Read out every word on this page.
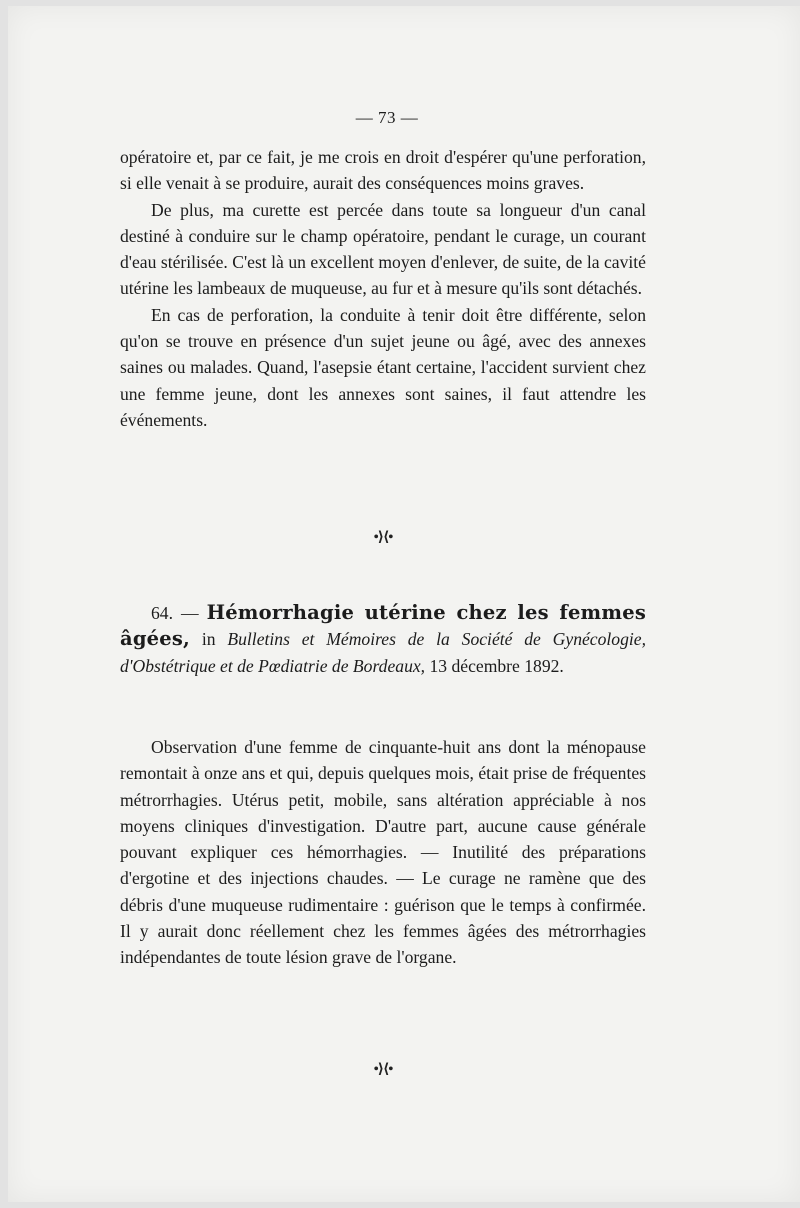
— 73 —

opératoire et, par ce fait, je me crois en droit d'espérer qu'une perforation, si elle venait à se produire, aurait des conséquences moins graves.

De plus, ma curette est percée dans toute sa longueur d'un canal destiné à conduire sur le champ opératoire, pendant le curage, un courant d'eau stérilisée. C'est là un excellent moyen d'enlever, de suite, de la cavité utérine les lambeaux de muqueuse, au fur et à mesure qu'ils sont détachés.

En cas de perforation, la conduite à tenir doit être différente, selon qu'on se trouve en présence d'un sujet jeune ou âgé, avec des annexes saines ou malades. Quand, l'asepsie étant certaine, l'accident survient chez une femme jeune, dont les annexes sont saines, il faut attendre les événements.

•⟩⟨•

64. — Hémorrhagie utérine chez les femmes âgées, in Bulletins et Mémoires de la Société de Gynécologie, d'Obstétrique et de Pœdiatrie de Bordeaux, 13 décembre 1892.

Observation d'une femme de cinquante-huit ans dont la ménopause remontait à onze ans et qui, depuis quelques mois, était prise de fréquentes métrorrhagies. Utérus petit, mobile, sans altération appréciable à nos moyens cliniques d'investigation. D'autre part, aucune cause générale pouvant expliquer ces hémorrhagies. — Inutilité des préparations d'ergotine et des injections chaudes. — Le curage ne ramène que des débris d'une muqueuse rudimentaire : guérison que le temps à confirmée. Il y aurait donc réellement chez les femmes âgées des métrorrhagies indépendantes de toute lésion grave de l'organe.

•⟩⟨•
